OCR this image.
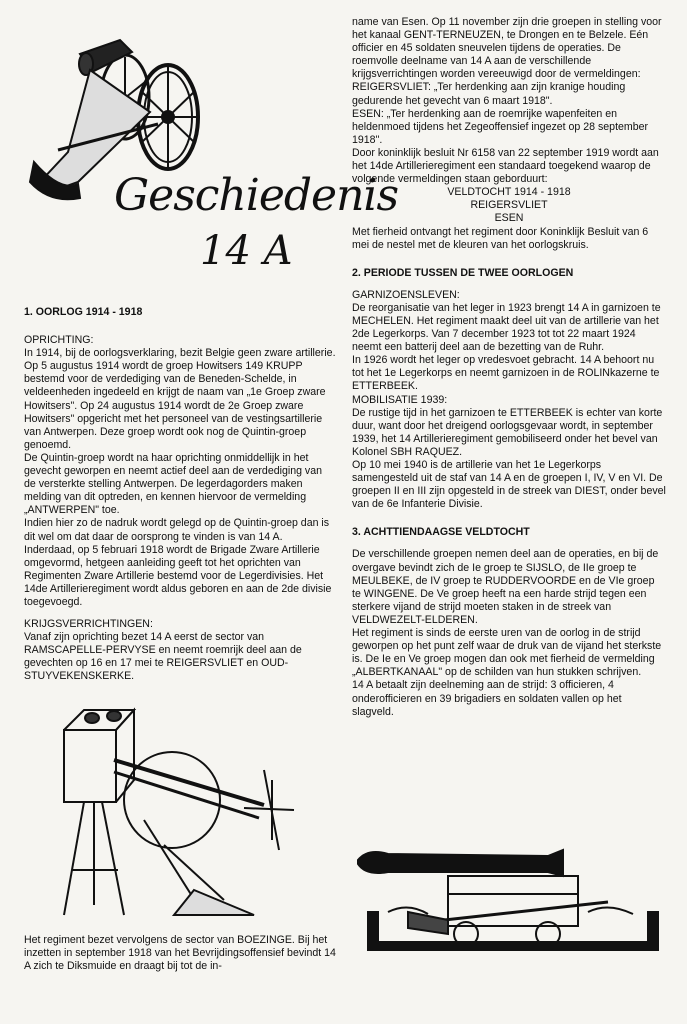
Geschiedenis
14 A

1. OORLOG 1914 - 1918

OPRICHTING:

In 1914, bij de oorlogsverklaring, bezit Belgie geen zware artillerie. Op 5 augustus 1914 wordt de groep Howitsers 149 KRUPP bestemd voor de verdediging van de Beneden-Schelde, in veldeenheden ingedeeld en krijgt de naam van „1e Groep zware Howitsers". Op 24 augustus 1914 wordt de 2e Groep zware Howitsers" opgericht met het personeel van de vestingsartillerie van Antwerpen. Deze groep wordt ook nog de Quintin-groep genoemd.

De Quintin-groep wordt na haar oprichting onmiddellijk in het gevecht geworpen en neemt actief deel aan de verdediging van de versterkte stelling Antwerpen. De legerdagorders maken melding van dit optreden, en kennen hiervoor de vermelding „ANTWERPEN" toe.

Indien hier zo de nadruk wordt gelegd op de Quintin-groep dan is dit wel om dat daar de oorsprong te vinden is van 14 A. Inderdaad, op 5 februari 1918 wordt de Brigade Zware Artillerie omgevormd, hetgeen aanleiding geeft tot het oprichten van Regimenten Zware Artillerie bestemd voor de Legerdivisies. Het 14de Artillerieregiment wordt aldus geboren en aan de 2de divisie toegevoegd.

KRIJGSVERRICHTINGEN:

Vanaf zijn oprichting bezet 14 A eerst de sector van RAMSCAPELLE-PERVYSE en neemt roemrijk deel aan de gevechten op 16 en 17 mei te REIGERSVLIET en OUD-STUYVEKENSKERKE.

Het regiment bezet vervolgens de sector van BOEZINGE. Bij het inzetten in september 1918 van het Bevrijdingsoffensief bevindt 14 A zich te Diksmuide en draagt bij tot de in-

name van Esen. Op 11 november zijn drie groepen in stelling voor het kanaal GENT-TERNEUZEN, te Drongen en te Belzele. Eén officier en 45 soldaten sneuvelen tijdens de operaties. De roemvolle deelname van 14 A aan de verschillende krijgsverrichtingen worden vereeuwigd door de vermeldingen:

REIGERSVLIET: „Ter herdenking aan zijn kranige houding gedurende het gevecht van 6 maart 1918".

ESEN: „Ter herdenking aan de roemrijke wapenfeiten en heldenmoed tijdens het Zegeoffensief ingezet op 28 september 1918".

Door koninklijk besluit Nr 6158 van 22 september 1919 wordt aan het 14de Artillerieregiment een standaard toegekend waarop de volgende vermeldingen staan geborduurt:

VELDTOCHT 1914 - 1918

REIGERSVLIET

ESEN

Met fierheid ontvangt het regiment door Koninklijk Besluit van 6 mei de nestel met de kleuren van het oorlogskruis.

2. PERIODE TUSSEN DE TWEE OORLOGEN

GARNIZOENSLEVEN:

De reorganisatie van het leger in 1923 brengt 14 A in garnizoen te MECHELEN. Het regiment maakt deel uit van de artillerie van het 2de Legerkorps. Van 7 december 1923 tot tot 22 maart 1924 neemt een batterij deel aan de bezetting van de Ruhr.

In 1926 wordt het leger op vredesvoet gebracht. 14 A behoort nu tot het 1e Legerkorps en neemt garnizoen in de ROLINkazerne te ETTERBEEK.

MOBILISATIE 1939:

De rustige tijd in het garnizoen te ETTERBEEK is echter van korte duur, want door het dreigend oorlogsgevaar wordt, in september 1939, het 14 Artillerieregiment gemobiliseerd onder het bevel van Kolonel SBH RAQUEZ.

Op 10 mei 1940 is de artillerie van het 1e Legerkorps samengesteld uit de staf van 14 A en de groepen I, IV, V en VI. De groepen II en III zijn opgesteld in de streek van DIEST, onder bevel van de 6e Infanterie Divisie.

3. ACHTTIENDAAGSE VELDTOCHT

De verschillende groepen nemen deel aan de operaties, en bij de overgave bevindt zich de Ie groep te SIJSLO, de IIe groep te MEULBEKE, de IV groep te RUDDERVOORDE en de VIe groep te WINGENE. De Ve groep heeft na een harde strijd tegen een sterkere vijand de strijd moeten staken in de streek van VELDWEZELT-ELDEREN.

Het regiment is sinds de eerste uren van de oorlog in de strijd geworpen op het punt zelf waar de druk van de vijand het sterkste is. De Ie en Ve groep mogen dan ook met fierheid de vermelding „ALBERTKANAAL" op de schilden van hun stukken schrijven.

14 A betaalt zijn deelneming aan de strijd: 3 officieren, 4 onderofficieren en 39 brigadiers en soldaten vallen op het slagveld.
